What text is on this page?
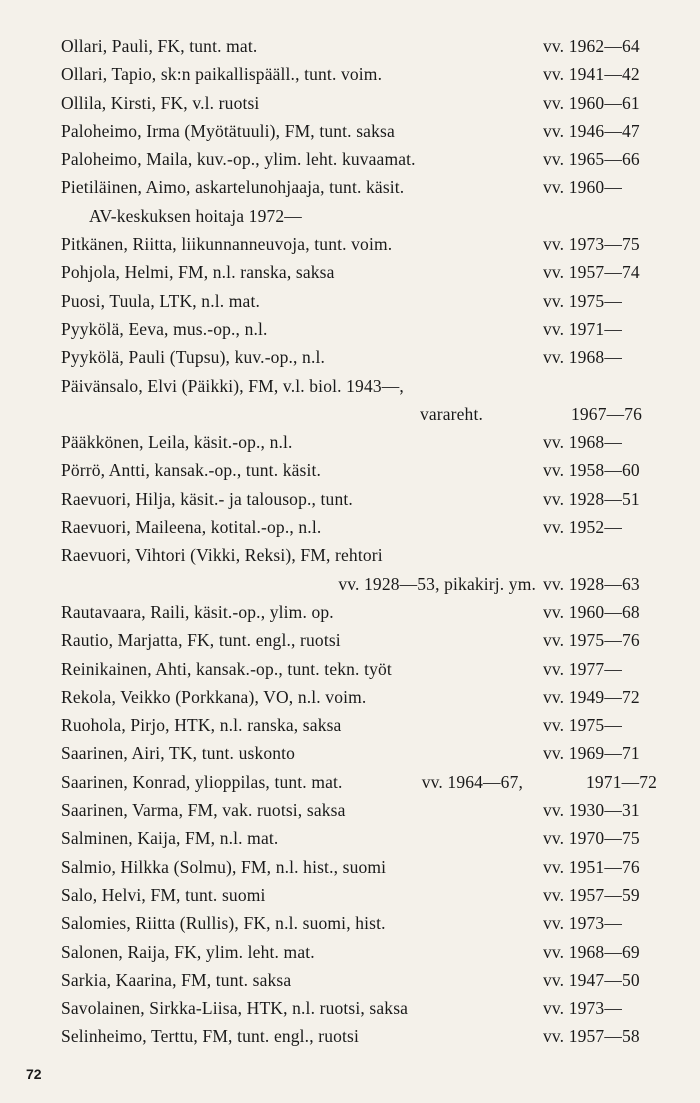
Ollari, Pauli, FK, tunt. mat.	vv. 1962—64
Ollari, Tapio, sk:n paikallispääll., tunt. voim.	vv. 1941—42
Ollila, Kirsti, FK, v.l. ruotsi	vv. 1960—61
Paloheimo, Irma (Myötätuuli), FM, tunt. saksa	vv. 1946—47
Paloheimo, Maila, kuv.-op., ylim. leht. kuvaamat.	vv. 1965—66
Pietiläinen, Aimo, askartelunohjaaja, tunt. käsit.	vv. 1960—
AV-keskuksen hoitaja 1972—
Pitkänen, Riitta, liikunnanneuvoja, tunt. voim.	vv. 1973—75
Pohjola, Helmi, FM, n.l. ranska, saksa	vv. 1957—74
Puosi, Tuula, LTK, n.l. mat.	vv. 1975—
Pyykölä, Eeva, mus.-op., n.l.	vv. 1971—
Pyykölä, Pauli (Tupsu), kuv.-op., n.l.	vv. 1968—
Päivänsalo, Elvi (Päikki), FM, v.l. biol. 1943—,
varareht.	1967—76
Pääkkönen, Leila, käsit.-op., n.l.	vv. 1968—
Pörrö, Antti, kansak.-op., tunt. käsit.	vv. 1958—60
Raevuori, Hilja, käsit.- ja talousop., tunt.	vv. 1928—51
Raevuori, Maileena, kotital.-op., n.l.	vv. 1952—
Raevuori, Vihtori (Vikki, Reksi), FM, rehtori
vv. 1928—53, pikakirj. ym. vv. 1928—63
Rautavaara, Raili, käsit.-op., ylim. op.	vv. 1960—68
Rautio, Marjatta, FK, tunt. engl., ruotsi	vv. 1975—76
Reinikainen, Ahti, kansak.-op., tunt. tekn. työt	vv. 1977—
Rekola, Veikko (Porkkana), VO, n.l. voim.	vv. 1949—72
Ruohola, Pirjo, HTK, n.l. ranska, saksa	vv. 1975—
Saarinen, Airi, TK, tunt. uskonto	vv. 1969—71
Saarinen, Konrad, ylioppilas, tunt. mat.	vv. 1964—67,	1971—72
Saarinen, Varma, FM, vak. ruotsi, saksa	vv. 1930—31
Salminen, Kaija, FM, n.l. mat.	vv. 1970—75
Salmio, Hilkka (Solmu), FM, n.l. hist., suomi	vv. 1951—76
Salo, Helvi, FM, tunt. suomi	vv. 1957—59
Salomies, Riitta (Rullis), FK, n.l. suomi, hist.	vv. 1973—
Salonen, Raija, FK, ylim. leht. mat.	vv. 1968—69
Sarkia, Kaarina, FM, tunt. saksa	vv. 1947—50
Savolainen, Sirkka-Liisa, HTK, n.l. ruotsi, saksa	vv. 1973—
Selinheimo, Terttu, FM, tunt. engl., ruotsi	vv. 1957—58
72
